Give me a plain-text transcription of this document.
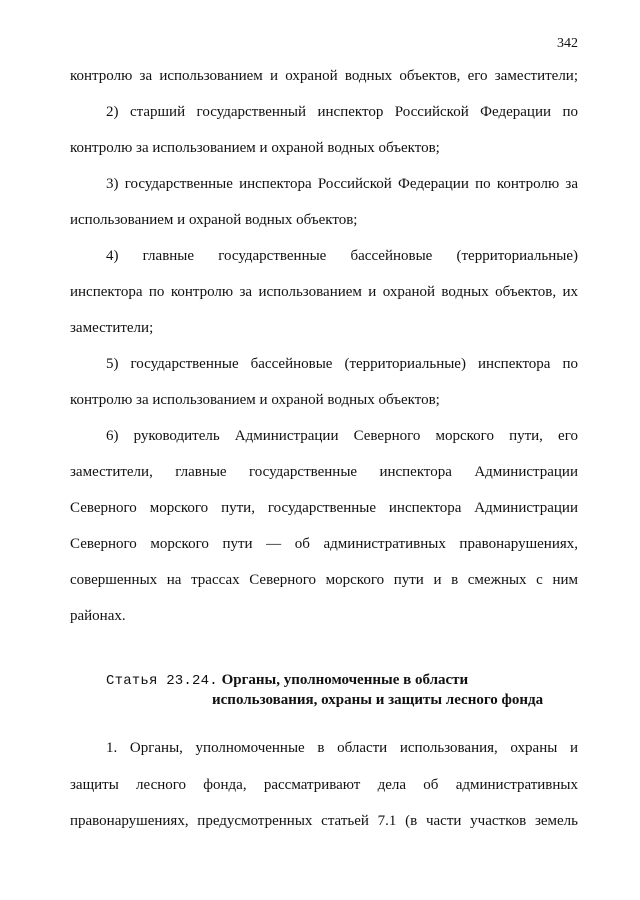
342
контролю за использованием и охраной водных объектов, его заместители;
2) старший государственный инспектор Российской Федерации по
контролю за использованием и охраной водных объектов;
3) государственные инспектора Российской Федерации по контролю за
использованием и охраной водных объектов;
4) главные государственные бассейновые (территориальные)
инспектора по контролю за использованием и охраной водных объектов, их
заместители;
5) государственные бассейновые (территориальные) инспектора по
контролю за использованием и охраной водных объектов;
6) руководитель Администрации Северного морского пути, его
заместители, главные государственные инспектора Администрации
Северного морского пути, государственные инспектора Администрации
Северного морского пути — об административных правонарушениях,
совершенных на трассах Северного морского пути и в смежных с ним
районах.
Статья 23.24. Органы, уполномоченные в области
использования, охраны и защиты лесного фонда
1. Органы, уполномоченные в области использования, охраны и
защиты лесного фонда, рассматривают дела об административных
правонарушениях, предусмотренных статьей 7.1 (в части участков земель
